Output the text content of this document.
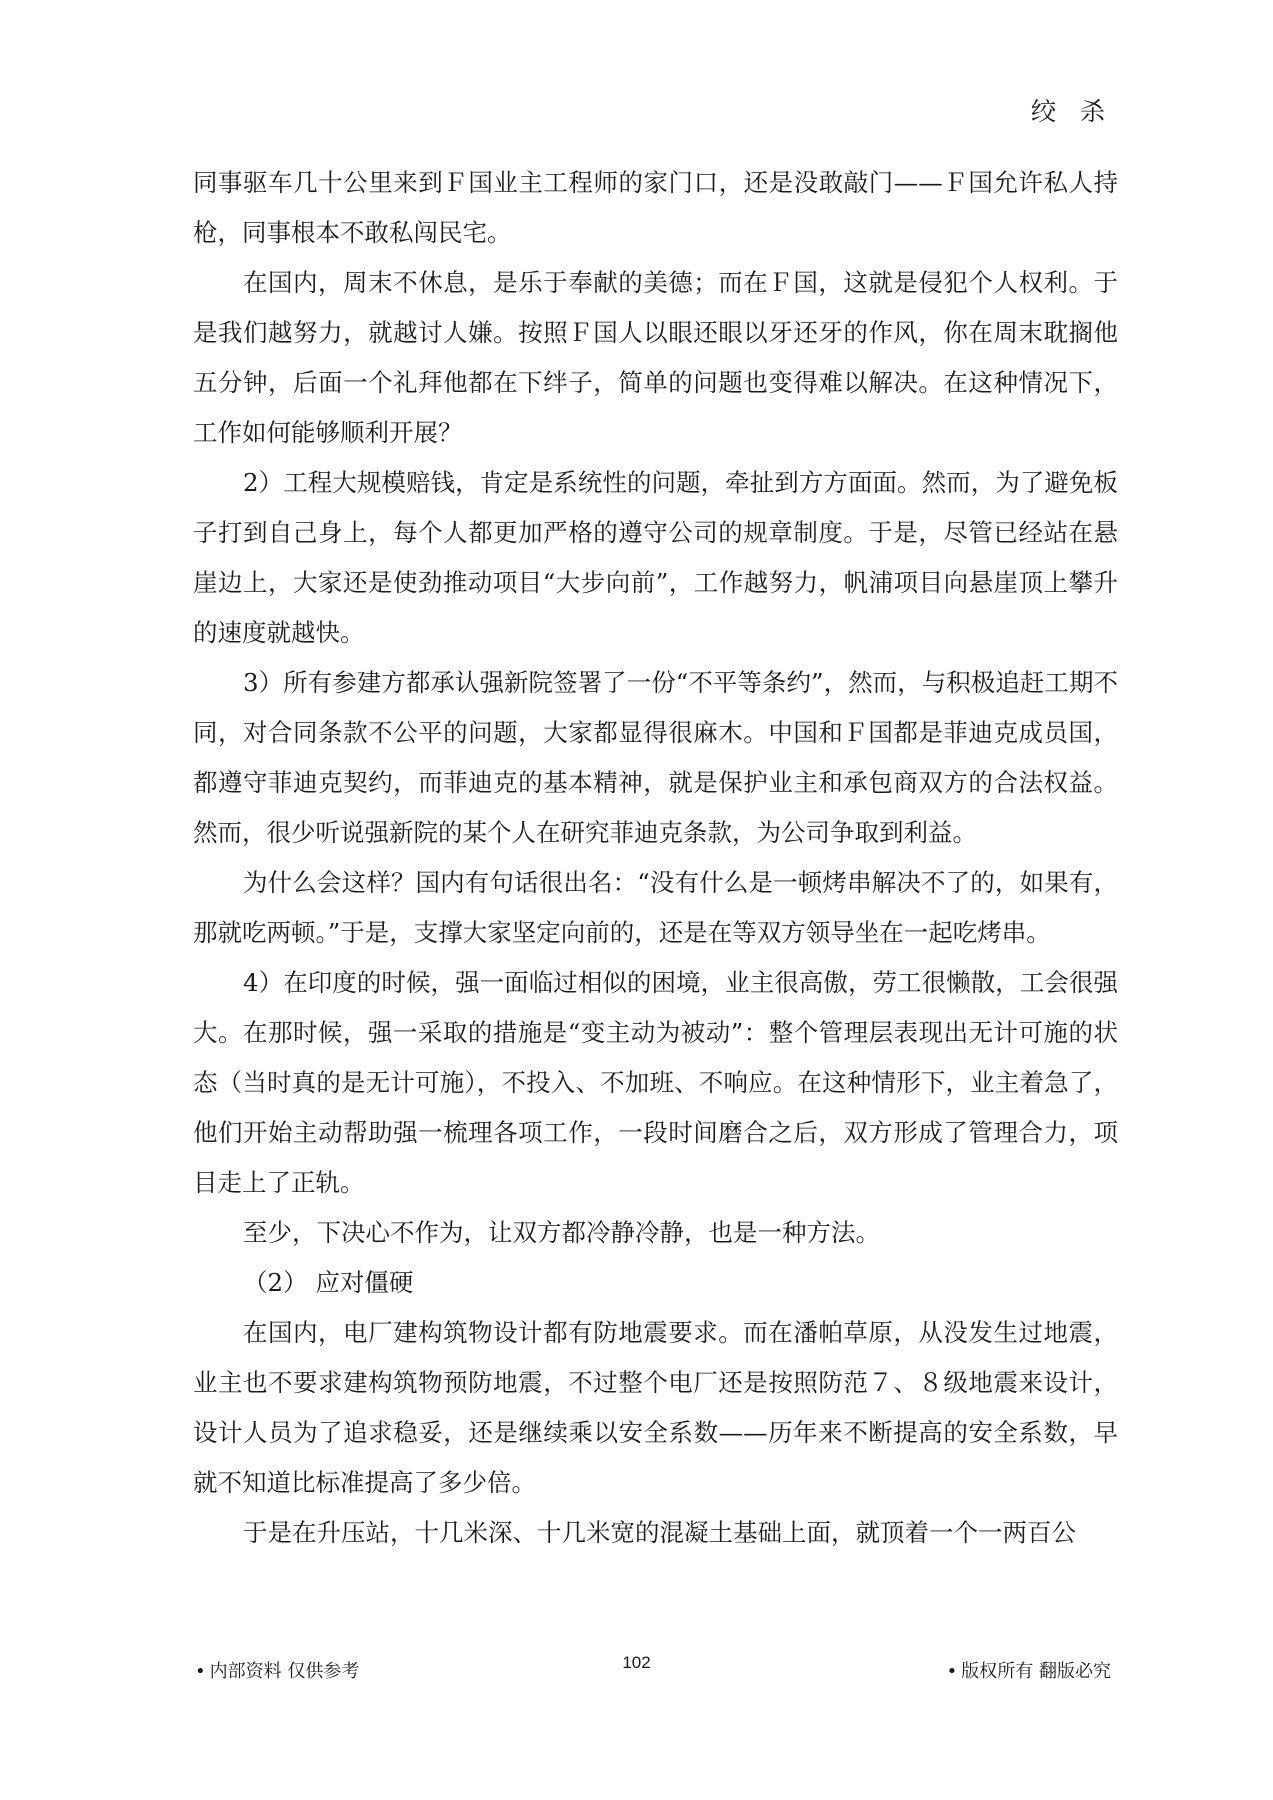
绞 杀

同事驱车几十公里来到Ｆ国业主工程师的家门口，还是没敢敲门——Ｆ国允许私人持枪，同事根本不敢私闯民宅。

在国内，周末不休息，是乐于奉献的美德；而在Ｆ国，这就是侵犯个人权利。于是我们越努力，就越讨人嫌。按照Ｆ国人以眼还眼以牙还牙的作风，你在周末耽搁他五分钟，后面一个礼拜他都在下绊子，简单的问题也变得难以解决。在这种情况下，工作如何能够顺利开展？

2）工程大规模赔钱，肯定是系统性的问题，牵扯到方方面面。然而，为了避免板子打到自己身上，每个人都更加严格的遵守公司的规章制度。于是，尽管已经站在悬崖边上，大家还是使劲推动项目“大步向前”，工作越努力，帆浦项目向悬崖顶上攀升的速度就越快。

3）所有参建方都承认强新院签署了一份“不平等条约”，然而，与积极追赶工期不同，对合同条款不公平的问题，大家都显得很麻木。中国和Ｆ国都是菲迪克成员国，都遵守菲迪克契约，而菲迪克的基本精神，就是保护业主和承包商双方的合法权益。然而，很少听说强新院的某个人在研究菲迪克条款，为公司争取到利益。

为什么会这样？国内有句话很出名：“没有什么是一顿烤串解决不了的，如果有，那就吃两顿。”于是，支撑大家坚定向前的，还是在等双方领导坐在一起吃烤串。

4）在印度的时候，强一面临过相似的困境，业主很高傲，劳工很懒散，工会很强大。在那时候，强一采取的措施是“变主动为被动”：整个管理层表现出无计可施的状态（当时真的是无计可施），不投入、不加班、不响应。在这种情形下，业主着急了，他们开始主动帮助强一梳理各项工作，一段时间磨合之后，双方形成了管理合力，项目走上了正轨。

至少，下决心不作为，让双方都冷静冷静，也是一种方法。

（2） 应对僵硬

在国内，电厂建构筑物设计都有防地震要求。而在潘帕草原，从没发生过地震，业主也不要求建构筑物预防地震，不过整个电厂还是按照防范７、８级地震来设计，设计人员为了追求稳妥，还是继续乘以安全系数——历年来不断提高的安全系数，早就不知道比标准提高了多少倍。

于是在升压站，十几米深、十几米宽的混凝土基础上面，就顶着一个一两百公

• 内部资料 仅供参考	102	• 版权所有 翻版必究
